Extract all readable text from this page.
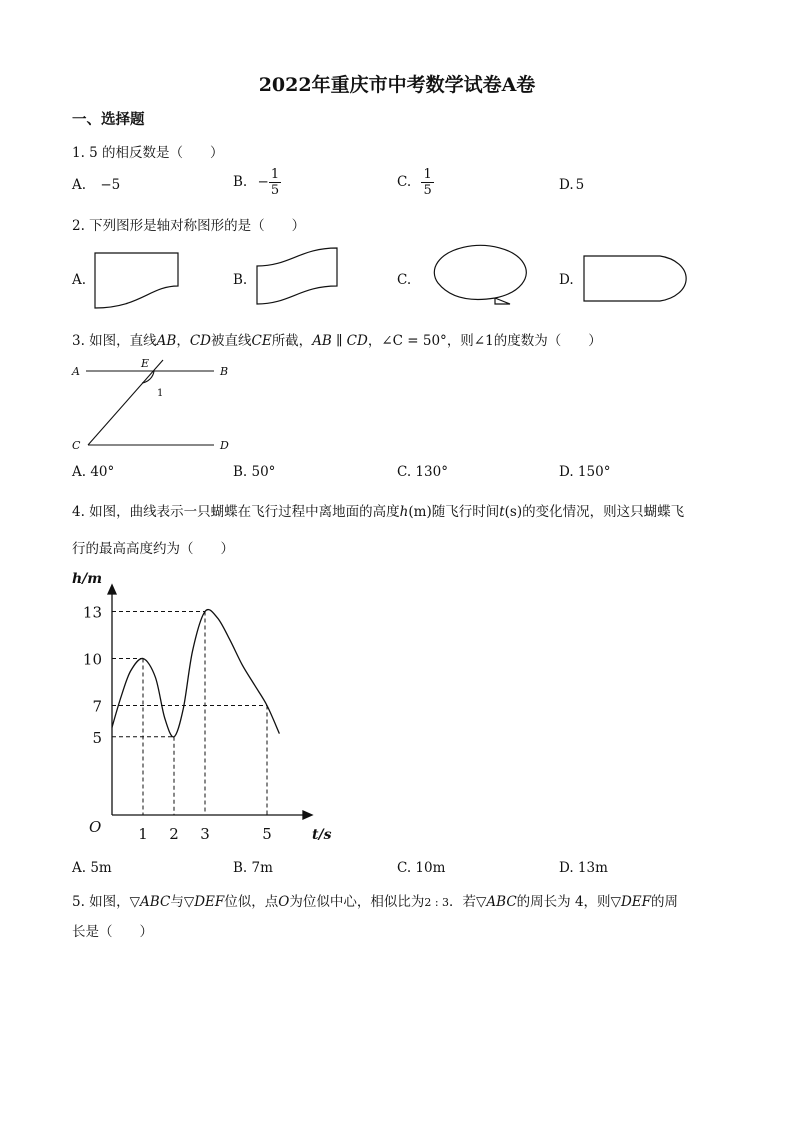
2022年重庆市中考数学试卷A卷
一、选择题
1. 5 的相反数是（　　）
A. −5	B. − $\frac{1}{5}$	C. $\frac{1}{5}$	D. 5
2. 下列图形是轴对称图形的是（　　）
A.	B.	C.	D.
3. 如图，直线AB，CD被直线CE所截，AB ∥ CD，∠C = 50°，则∠1的度数为（　　）
A	B
C	D
E
1
A. 40°	B. 50°	C. 130°	D. 150°
4. 如图，曲线表示一只蝴蝶在飞行过程中离地面的高度h(m)随飞行时间t(s)的变化情况，则这只蝴蝶飞
行的最高高度约为（　　）
1 2 3	5
5
7
10
13
h/m
t/s
O
A. 5m	B. 7m	C. 10m	D. 13m
5. 如图，▽ABC与▽DEF位似，点O为位似中心，相似比为2 : 3．若▽ABC的周长为 4，则▽DEF的周
长是（　　）
